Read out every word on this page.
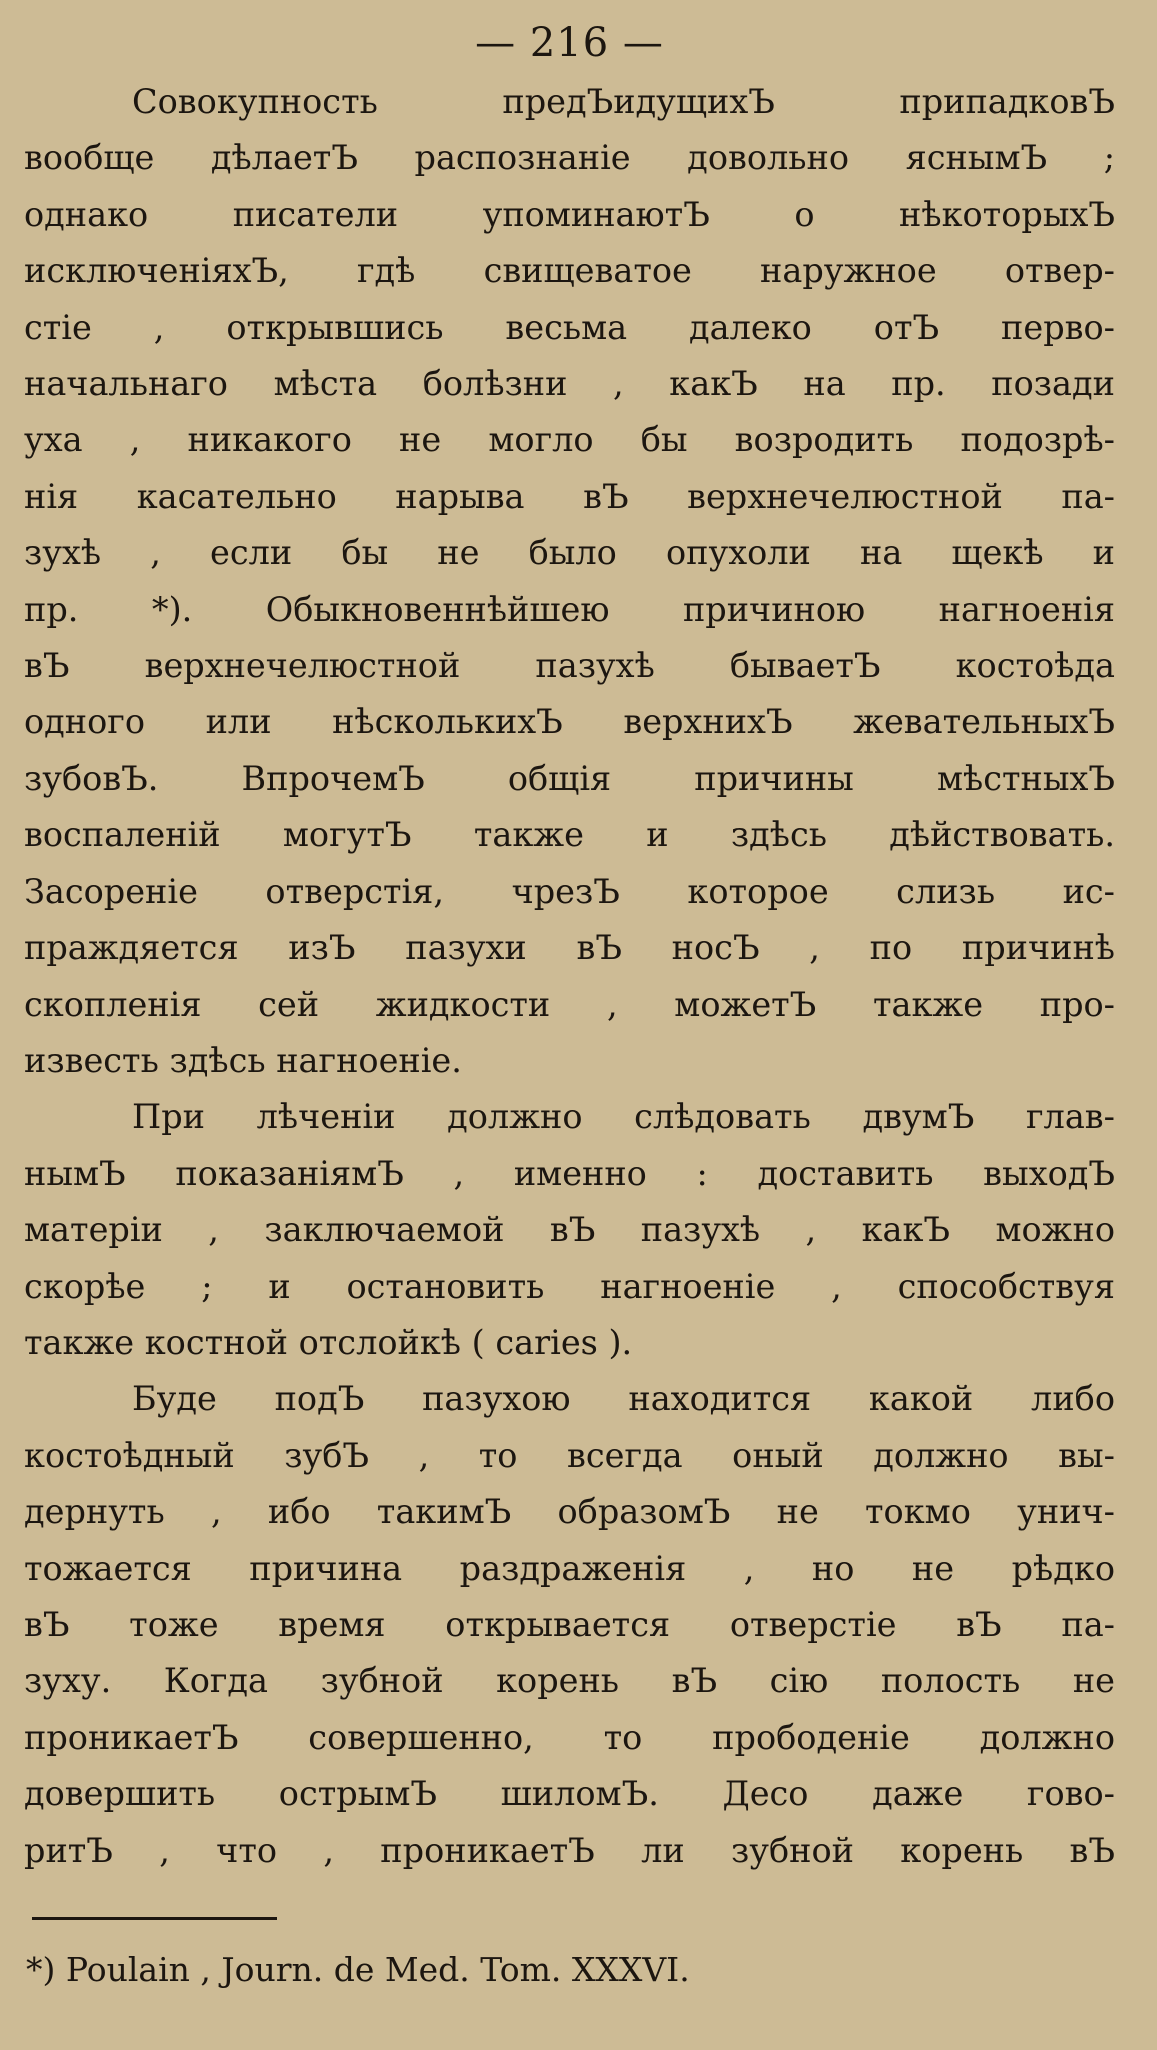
— 216 —
Совокупность предЪидущихЪ припадковЪ
вообще дѣлаетЪ распознаніе довольно яснымЪ ;
однако писатели упоминаютЪ о нѣкоторыхЪ
исключеніяхЪ, гдѣ свищеватое наружное отвер-
стіе , открывшись весьма далеко отЪ перво-
начальнаго мѣста болѣзни , какЪ на пр. позади
уха , никакого не могло бы возродить подозрѣ-
нія касательно нарыва вЪ верхнечелюстной па-
зухѣ , если бы не было опухоли на щекѣ и
пр. *). Обыкновеннѣйшею причиною нагноенія
вЪ верхнечелюстной пазухѣ бываетЪ костоѣда
одного или нѣсколькихЪ верхнихЪ жевательныхЪ
зубовЪ. ВпрочемЪ общія причины мѣстныхЪ
воспаленій могутЪ также и здѣсь дѣйствовать.
Засореніе отверстія, чрезЪ которое слизь ис-
праждяется изЪ пазухи вЪ носЪ , по причинѣ
скопленія сей жидкости , можетЪ также про-
известь здѣсь нагноеніе.
При лѣченіи должно слѣдовать двумЪ глав-
нымЪ показаніямЪ , именно : доставить выходЪ
матеріи , заключаемой вЪ пазухѣ , какЪ можно
скорѣе ; и остановить нагноеніе , способствуя
также костной отслойкѣ ( caries ).
Буде подЪ пазухою находится какой либо
костоѣдный зубЪ , то всегда оный должно вы-
дернуть , ибо такимЪ образомЪ не токмо унич-
тожается причина раздраженія , но не рѣдко
вЪ тоже время открывается отверстіе вЪ па-
зуху. Когда зубной корень вЪ сію полость не
проникаетЪ совершенно, то прободеніе должно
довершить острымЪ шиломЪ. Десо даже гово-
ритЪ , что , проникаетЪ ли зубной корень вЪ
*) Poulain , Journ. de Med. Tom. XXXVI.
